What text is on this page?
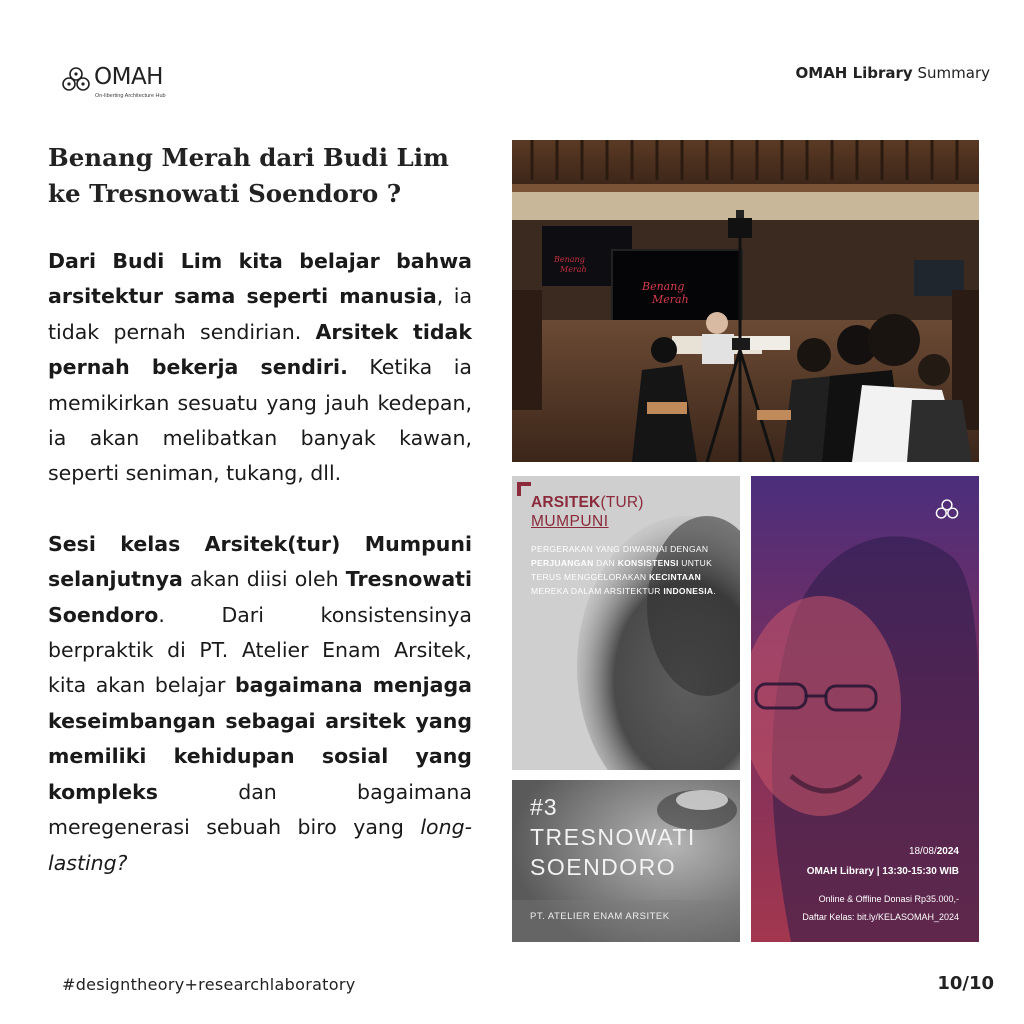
OMAH
On-liberting Architecture Hub
OMAH Library Summary
Benang Merah dari Budi Lim
ke Tresnowati Soendoro ?

Dari Budi Lim kita belajar bahwa arsitektur sama seperti manusia, ia tidak pernah sendirian. Arsitek tidak pernah bekerja sendiri. Ketika ia memikirkan sesuatu yang jauh kedepan, ia akan melibatkan banyak kawan, seperti seniman, tukang, dll.

Sesi kelas Arsitek(tur) Mumpuni selanjutnya akan diisi oleh Tresnowati Soendoro. Dari konsistensinya berpraktik di PT. Atelier Enam Arsitek, kita akan belajar bagaimana menjaga keseimbangan sebagai arsitek yang memiliki kehidupan sosial yang kompleks dan bagaimana meregenerasi sebuah biro yang long-lasting?

Benang
Merah
Benang
Merah
ARSITEK(TUR)
MUMPUNI
PERGERAKAN YANG DIWARNAI DENGAN PERJUANGAN DAN KONSISTENSI UNTUK TERUS MENGGELORAKAN KECINTAAN MEREKA DALAM ARSITEKTUR INDONESIA.
#3
TRESNOWATI
SOENDORO
PT. ATELIER ENAM ARSITEK
18/08/2024
OMAH Library | 13:30-15:30 WIB
Online & Offline Donasi Rp35.000,-
Daftar Kelas: bit.ly/KELASOMAH_2024
#designtheory+researchlaboratory	10/10
